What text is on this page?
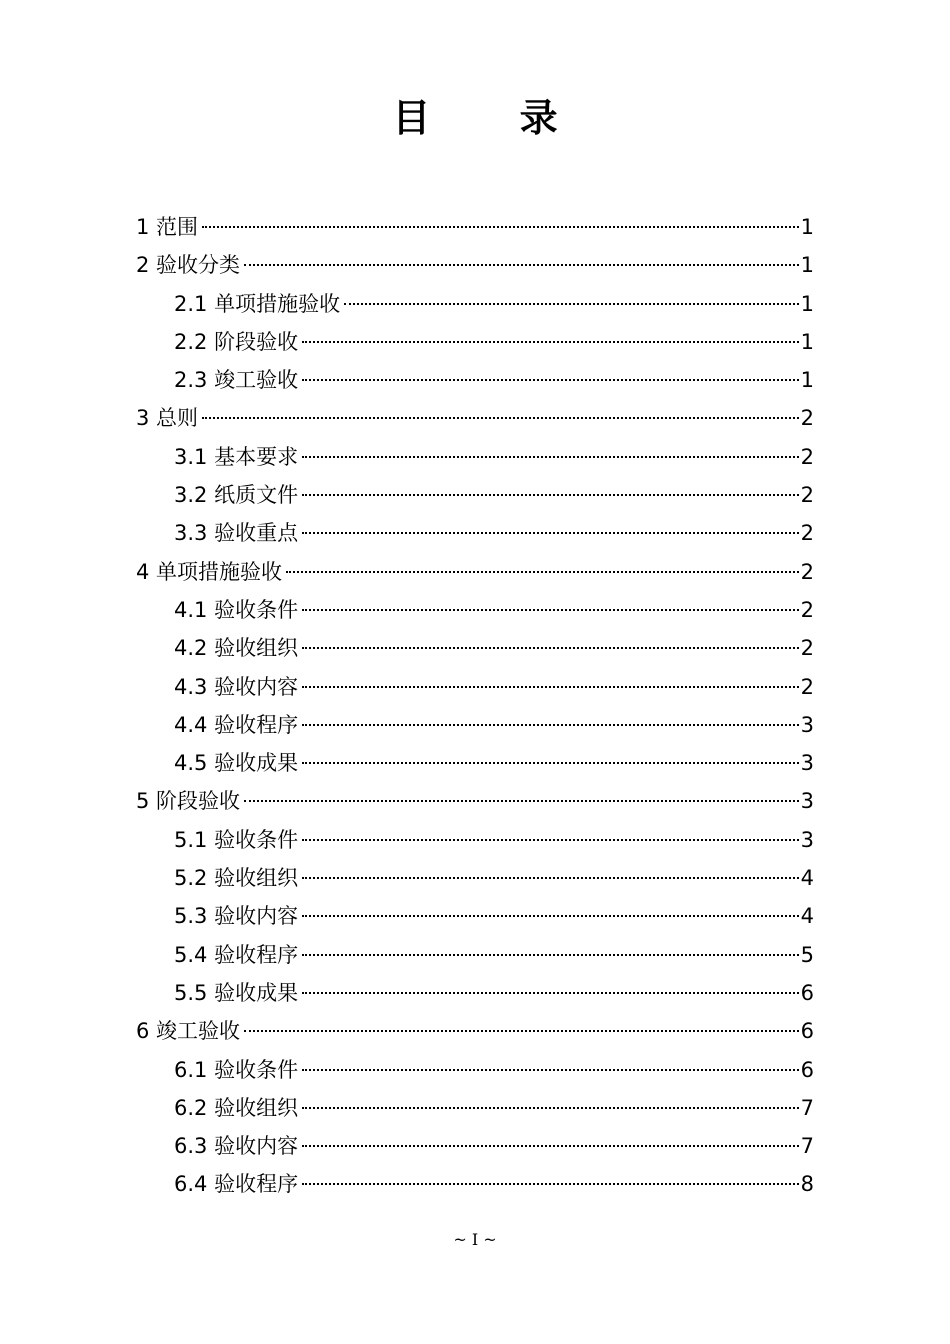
目 录
1 范围	1
2 验收分类	1
2.1 单项措施验收	1
2.2 阶段验收	1
2.3 竣工验收	1
3 总则	2
3.1 基本要求	2
3.2 纸质文件	2
3.3 验收重点	2
4 单项措施验收	2
4.1 验收条件	2
4.2 验收组织	2
4.3 验收内容	2
4.4 验收程序	3
4.5 验收成果	3
5 阶段验收	3
5.1 验收条件	3
5.2 验收组织	4
5.3 验收内容	4
5.4 验收程序	5
5.5 验收成果	6
6 竣工验收	6
6.1 验收条件	6
6.2 验收组织	7
6.3 验收内容	7
6.4 验收程序	8
~ I ~
